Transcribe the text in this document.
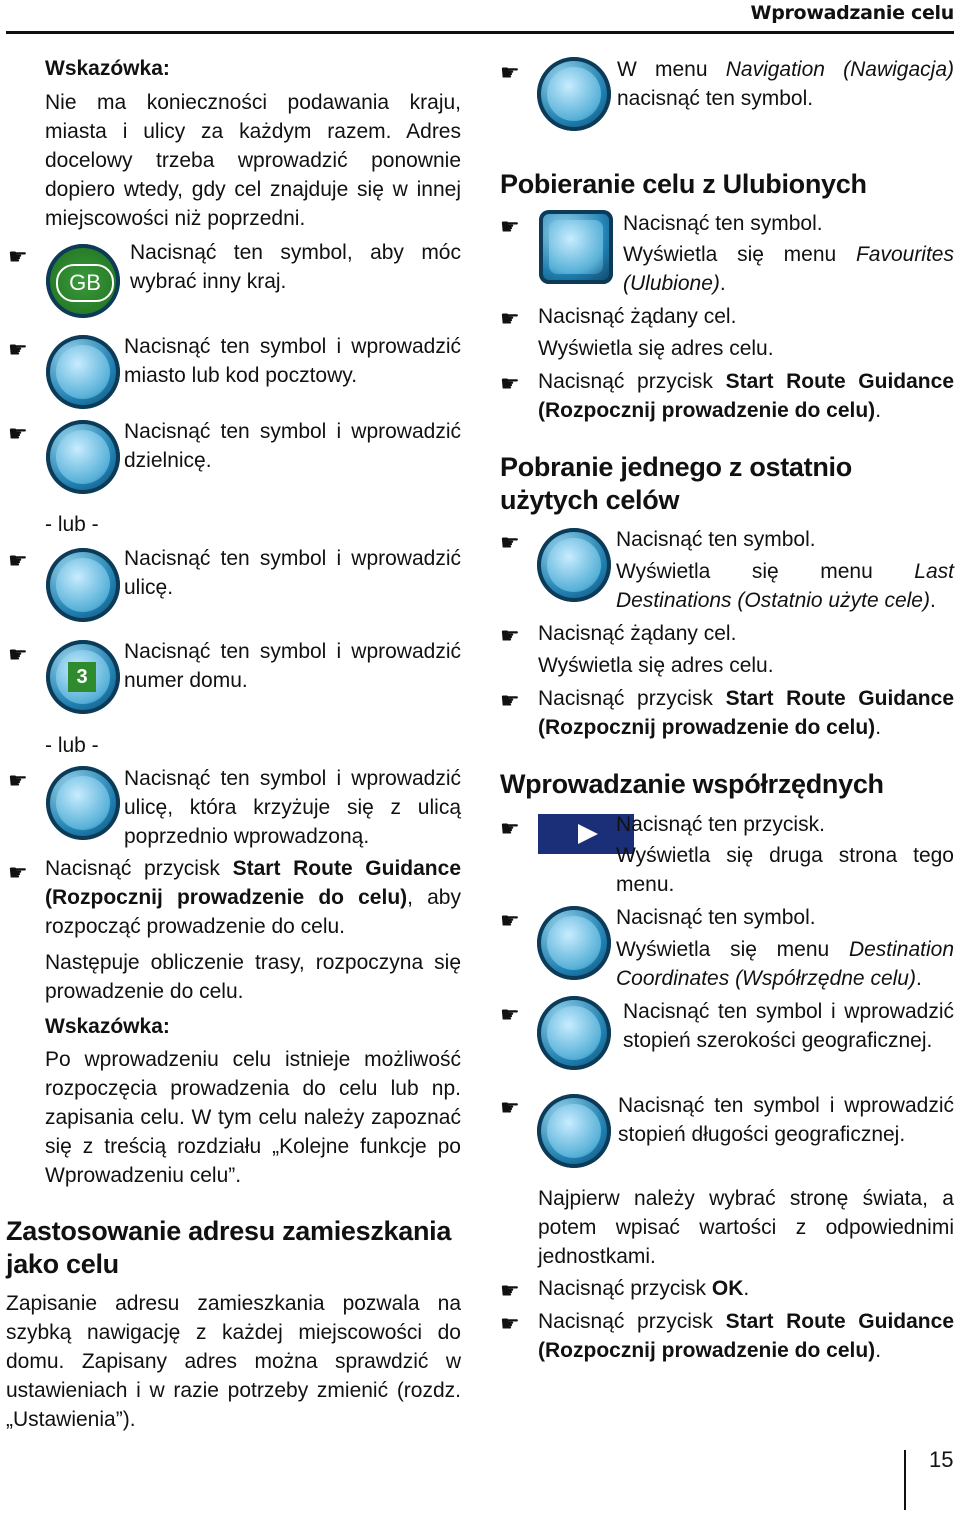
Wprowadzanie celu

Wskazówka:

Nie ma konieczności podawania kraju, miasta i ulicy za każdym razem. Adres docelowy trzeba wprowadzić ponownie dopiero wtedy, gdy cel znajduje się w innej miejscowości niż poprzedni.

☛
GB

Nacisnąć ten symbol, aby móc wybrać inny kraj.

☛	Nacisnąć ten symbol i wprowadzić miasto lub kod pocztowy.

☛	Nacisnąć ten symbol i wprowadzić dzielnicę.

- lub -

☛	Nacisnąć ten symbol i wprowadzić ulicę.

☛
3

Nacisnąć ten symbol i wprowadzić numer domu.

- lub -

☛	Nacisnąć ten symbol i wprowadzić ulicę, która krzyżuje się z ulicą poprzednio wprowadzoną.

☛ Nacisnąć przycisk Start Route Guidance (Rozpocznij prowadzenie do celu), aby rozpocząć prowadzenie do celu.

Następuje obliczenie trasy, rozpoczyna się prowadzenie do celu.

Wskazówka:

Po wprowadzeniu celu istnieje możliwość rozpoczęcia prowadzenia do celu lub np. zapisania celu. W tym celu należy zapoznać się z treścią rozdziału „Kolejne funkcje po Wprowadzeniu celu”.

Zastosowanie adresu zamieszkania jako celu

Zapisanie adresu zamieszkania pozwala na szybką nawigację z każdej miejscowości do domu. Zapisany adres można sprawdzić w ustawieniach i w razie potrzeby zmienić (rozdz. „Ustawienia”).

☛	W menu Navigation (Nawigacja) nacisnąć ten symbol.

Pobieranie celu z Ulubionych
☛	Nacisnąć ten symbol.

Wyświetla się menu Favourites (Ulubione).

☛ Nacisnąć żądany cel.

Wyświetla się adres celu.

☛ Nacisnąć przycisk Start Route Guidance (Rozpocznij prowadzenie do celu).

Pobranie jednego z ostatnio użytych celów
☛	Nacisnąć ten symbol.

Wyświetla się menu Last Destinations (Ostatnio użyte cele).

☛ Nacisnąć żądany cel.

Wyświetla się adres celu.

☛ Nacisnąć przycisk Start Route Guidance (Rozpocznij prowadzenie do celu).

Wprowadzanie współrzędnych
☛	Nacisnąć ten przycisk.

Wyświetla się druga strona tego menu.

☛	Nacisnąć ten symbol.

Wyświetla się menu Destination Coordinates (Współrzędne celu).

☛	Nacisnąć ten symbol i wprowadzić stopień szerokości geograficznej.

☛	Nacisnąć ten symbol i wprowadzić stopień długości geograficznej.

Najpierw należy wybrać stronę świata, a potem wpisać wartości z odpowiednimi jednostkami.

☛ Nacisnąć przycisk OK.

☛ Nacisnąć przycisk Start Route Guidance (Rozpocznij prowadzenie do celu).

15
